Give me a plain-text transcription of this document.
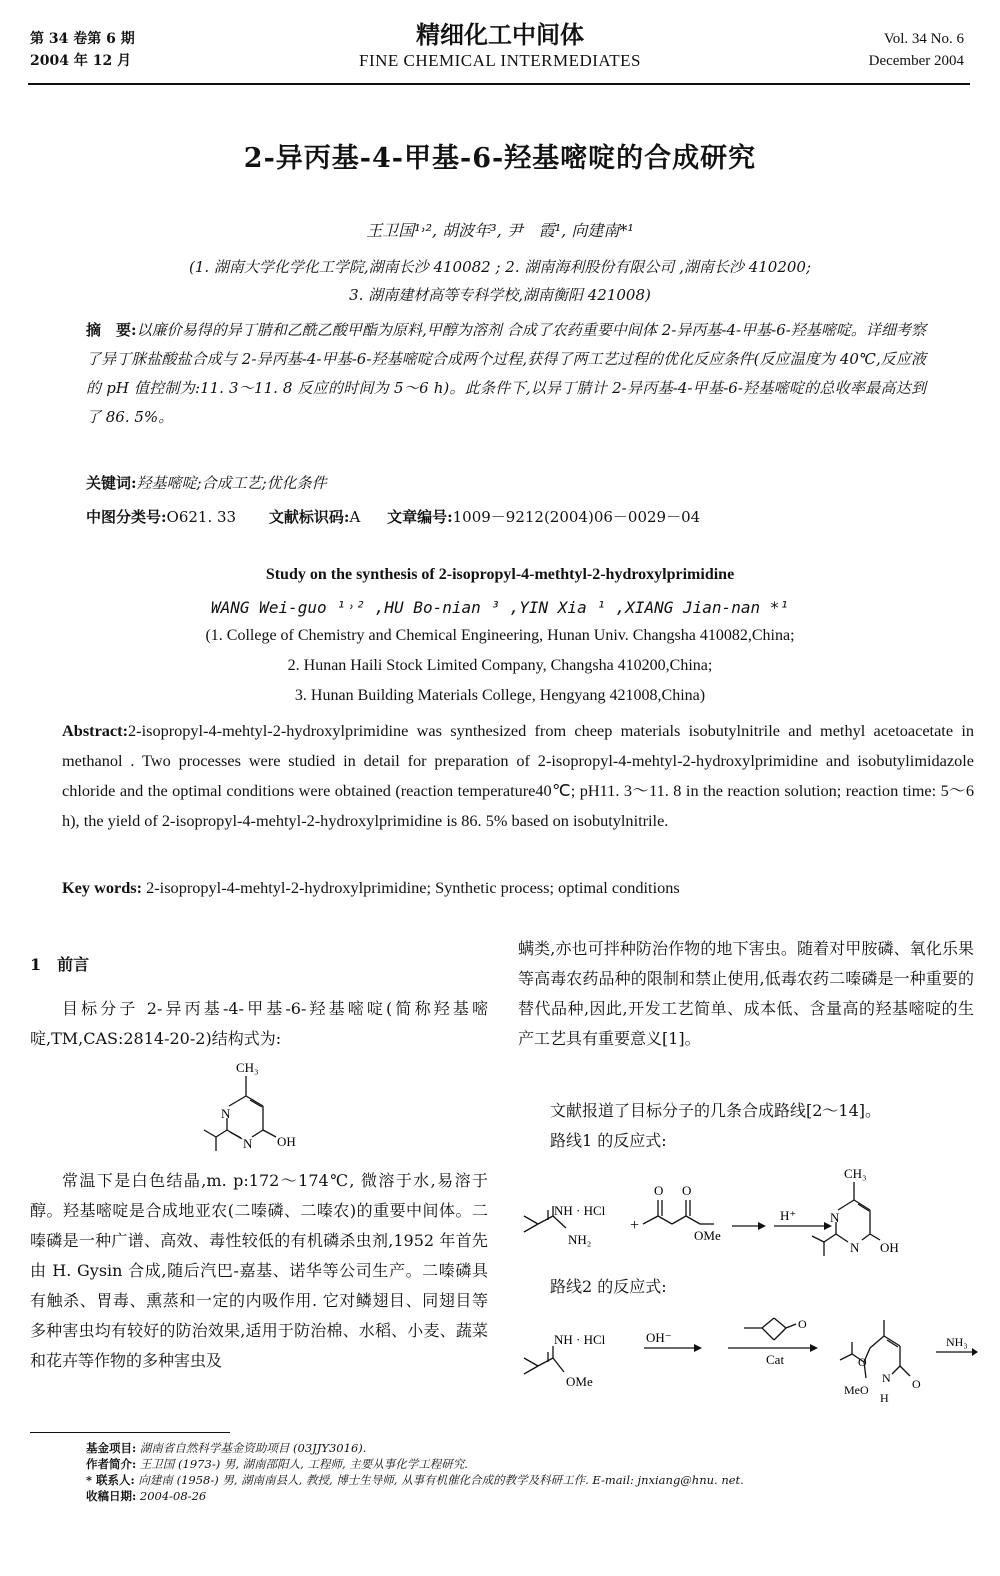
第 34 卷第 6 期
2004 年 12 月
精细化工中间体
FINE CHEMICAL INTERMEDIATES
Vol. 34 No. 6
December 2004
2-异丙基-4-甲基-6-羟基嘧啶的合成研究
王卫国¹˒², 胡波年³, 尹　霞¹, 向建南*¹
(1. 湖南大学化学化工学院,湖南长沙 410082 ; 2. 湖南海利股份有限公司 ,湖南长沙 410200;
3. 湖南建材高等专科学校,湖南衡阳 421008)
摘　要:以廉价易得的异丁腈和乙酰乙酸甲酯为原料,甲醇为溶剂 合成了农药重要中间体 2-异丙基-4-甲基-6-羟基嘧啶。详细考察了异丁脒盐酸盐合成与 2-异丙基-4-甲基-6-羟基嘧啶合成两个过程,获得了两工艺过程的优化反应条件(反应温度为 40℃,反应液的 pH 值控制为:11. 3～11. 8 反应的时间为 5～6 h)。此条件下,以异丁腈计 2-异丙基-4-甲基-6-羟基嘧啶的总收率最高达到了 86. 5%。
关键词:羟基嘧啶;合成工艺;优化条件
中图分类号:O621. 33 文献标识码:A 文章编号:1009－9212(2004)06－0029－04
Study on the synthesis of 2-isopropyl-4-methtyl-2-hydroxylprimidine
WANG Wei-guo ¹˒² ,HU Bo-nian ³ ,YIN Xia ¹ ,XIANG Jian-nan *¹
(1. College of Chemistry and Chemical Engineering, Hunan Univ. Changsha 410082,China;
2. Hunan Haili Stock Limited Company, Changsha 410200,China;
3. Hunan Building Materials College, Hengyang 421008,China)
Abstract:2-isopropyl-4-mehtyl-2-hydroxylprimidine was synthesized from cheep materials isobutylnitrile and methyl acetoacetate in methanol . Two processes were studied in detail for preparation of 2-isopropyl-4-mehtyl-2-hydroxylprimidine and isobutylimidazole chloride and the optimal conditions were obtained (reaction temperature40℃; pH11. 3～11. 8 in the reaction solution; reaction time: 5～6 h), the yield of 2-isopropyl-4-mehtyl-2-hydroxylprimidine is 86. 5% based on isobutylnitrile.
Key words: 2-isopropyl-4-mehtyl-2-hydroxylprimidine; Synthetic process; optimal conditions
1　前言
目标分子 2-异丙基-4-甲基-6-羟基嘧啶(简称羟基嘧啶,TM,CAS:2814-20-2)结构式为:
CH₃
N
N OH
常温下是白色结晶,m. p:172～174℃, 微溶于水,易溶于醇。羟基嘧啶是合成地亚农(二嗪磷、二嗪农)的重要中间体。二嗪磷是一种广谱、高效、毒性较低的有机磷杀虫剂,1952 年首先由 H. Gysin 合成,随后汽巴-嘉基、诺华等公司生产。二嗪磷具有触杀、胃毒、熏蒸和一定的内吸作用. 它对鳞翅目、同翅目等多种害虫均有较好的防治效果,适用于防治棉、水稻、小麦、蔬菜和花卉等作物的多种害虫及
螨类,亦也可拌种防治作物的地下害虫。随着对甲胺磷、氧化乐果等高毒农药品种的限制和禁止使用,低毒农药二嗪磷是一种重要的替代品种,因此,开发工艺简单、成本低、含量高的羟基嘧啶的生产工艺具有重要意义[1]。
文献报道了目标分子的几条合成路线[2～14]。
路线1 的反应式:
NH · HCl
NH₂
+
O O
OMe
H⁺
CH₃
N
N OH
路线2 的反应式:
NH · HCl
OMe
OH⁻
Cat
O
O
N O
MeO
H
NH₃
基金项目: 湖南省自然科学基金资助项目 (03JJY3016).
作者简介: 王卫国 (1973-) 男, 湖南邵阳人, 工程师, 主要从事化学工程研究.
* 联系人: 向建南 (1958-) 男, 湖南南县人, 教授, 博士生导师, 从事有机催化合成的教学及科研工作. E-mail: jnxiang@hnu. net.
收稿日期: 2004-08-26
